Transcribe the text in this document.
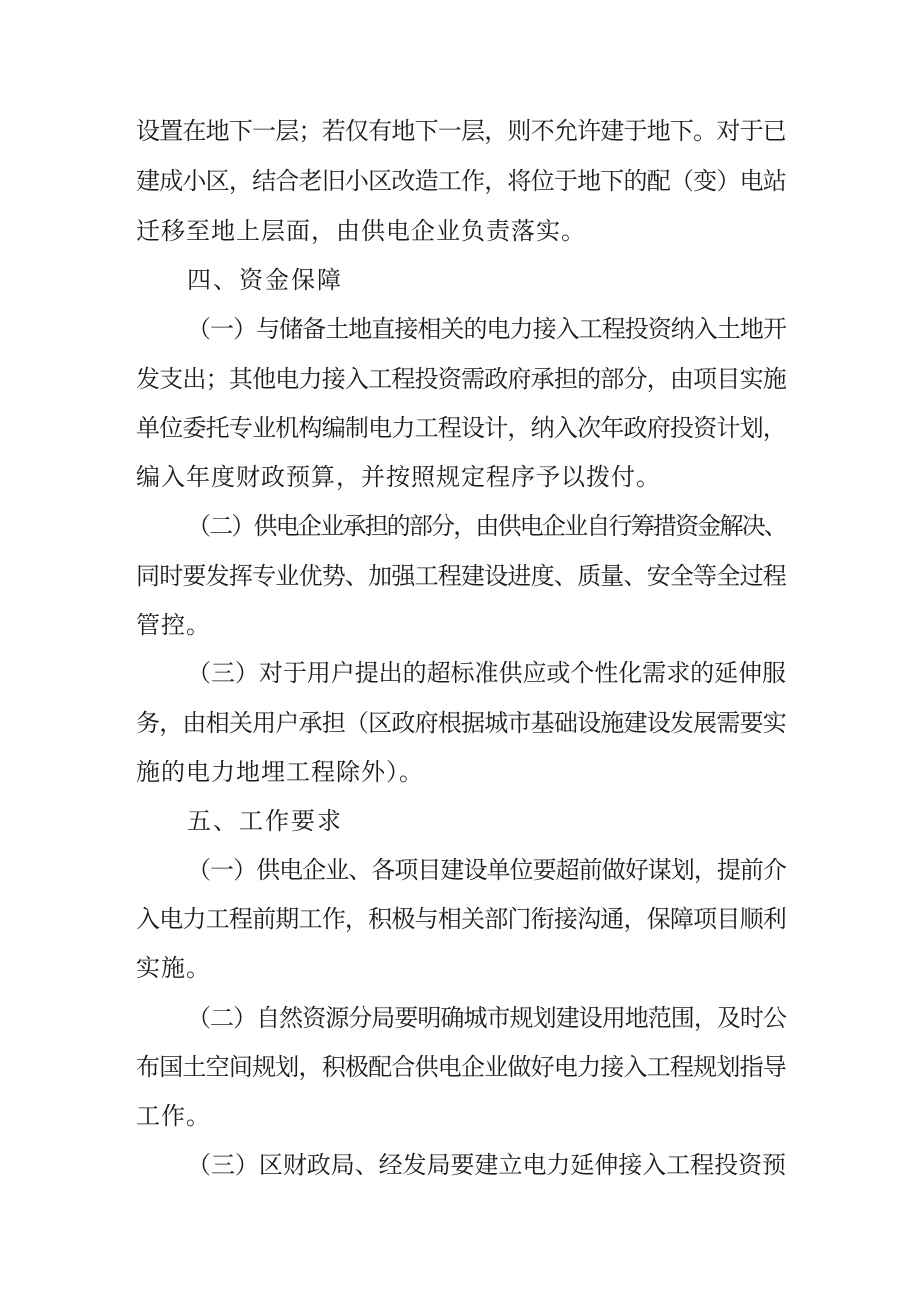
设置在地下一层；若仅有地下一层，则不允许建于地下。对于已
建成小区，结合老旧小区改造工作，将位于地下的配（变）电站
迁移至地上层面，由供电企业负责落实。
四、资金保障
（一）与储备土地直接相关的电力接入工程投资纳入土地开
发支出；其他电力接入工程投资需政府承担的部分，由项目实施
单位委托专业机构编制电力工程设计，纳入次年政府投资计划，
编入年度财政预算，并按照规定程序予以拨付。
（二）供电企业承担的部分，由供电企业自行筹措资金解决、
同时要发挥专业优势、加强工程建设进度、质量、安全等全过程
管控。
（三）对于用户提出的超标准供应或个性化需求的延伸服
务，由相关用户承担（区政府根据城市基础设施建设发展需要实
施的电力地埋工程除外）。
五、工作要求
（一）供电企业、各项目建设单位要超前做好谋划，提前介
入电力工程前期工作，积极与相关部门衔接沟通，保障项目顺利
实施。
（二）自然资源分局要明确城市规划建设用地范围，及时公
布国土空间规划，积极配合供电企业做好电力接入工程规划指导
工作。
（三）区财政局、经发局要建立电力延伸接入工程投资预
